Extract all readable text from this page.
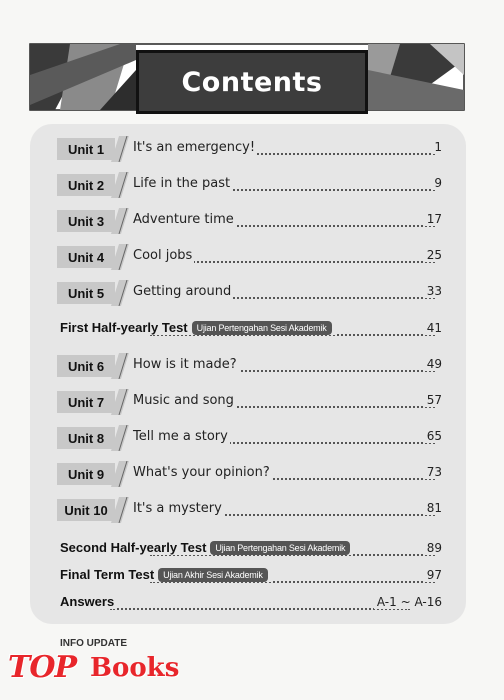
Contents
Unit 1	It's an emergency!	1
Unit 2	Life in the past	9
Unit 3	Adventure time	17
Unit 4	Cool jobs	25
Unit 5	Getting around	33
First Half-yearly Test	Ujian Pertengahan Sesi Akademik	41
Unit 6	How is it made?	49
Unit 7	Music and song	57
Unit 8	Tell me a story	65
Unit 9	What's your opinion?	73
Unit 10	It's a mystery	81
Second Half-yearly Test	Ujian Pertengahan Sesi Akademik	89
Final Term Test	Ujian Akhir Sesi Akademik	97
Answers	A-1 ~ A-16
INFO UPDATE
TOP Books
